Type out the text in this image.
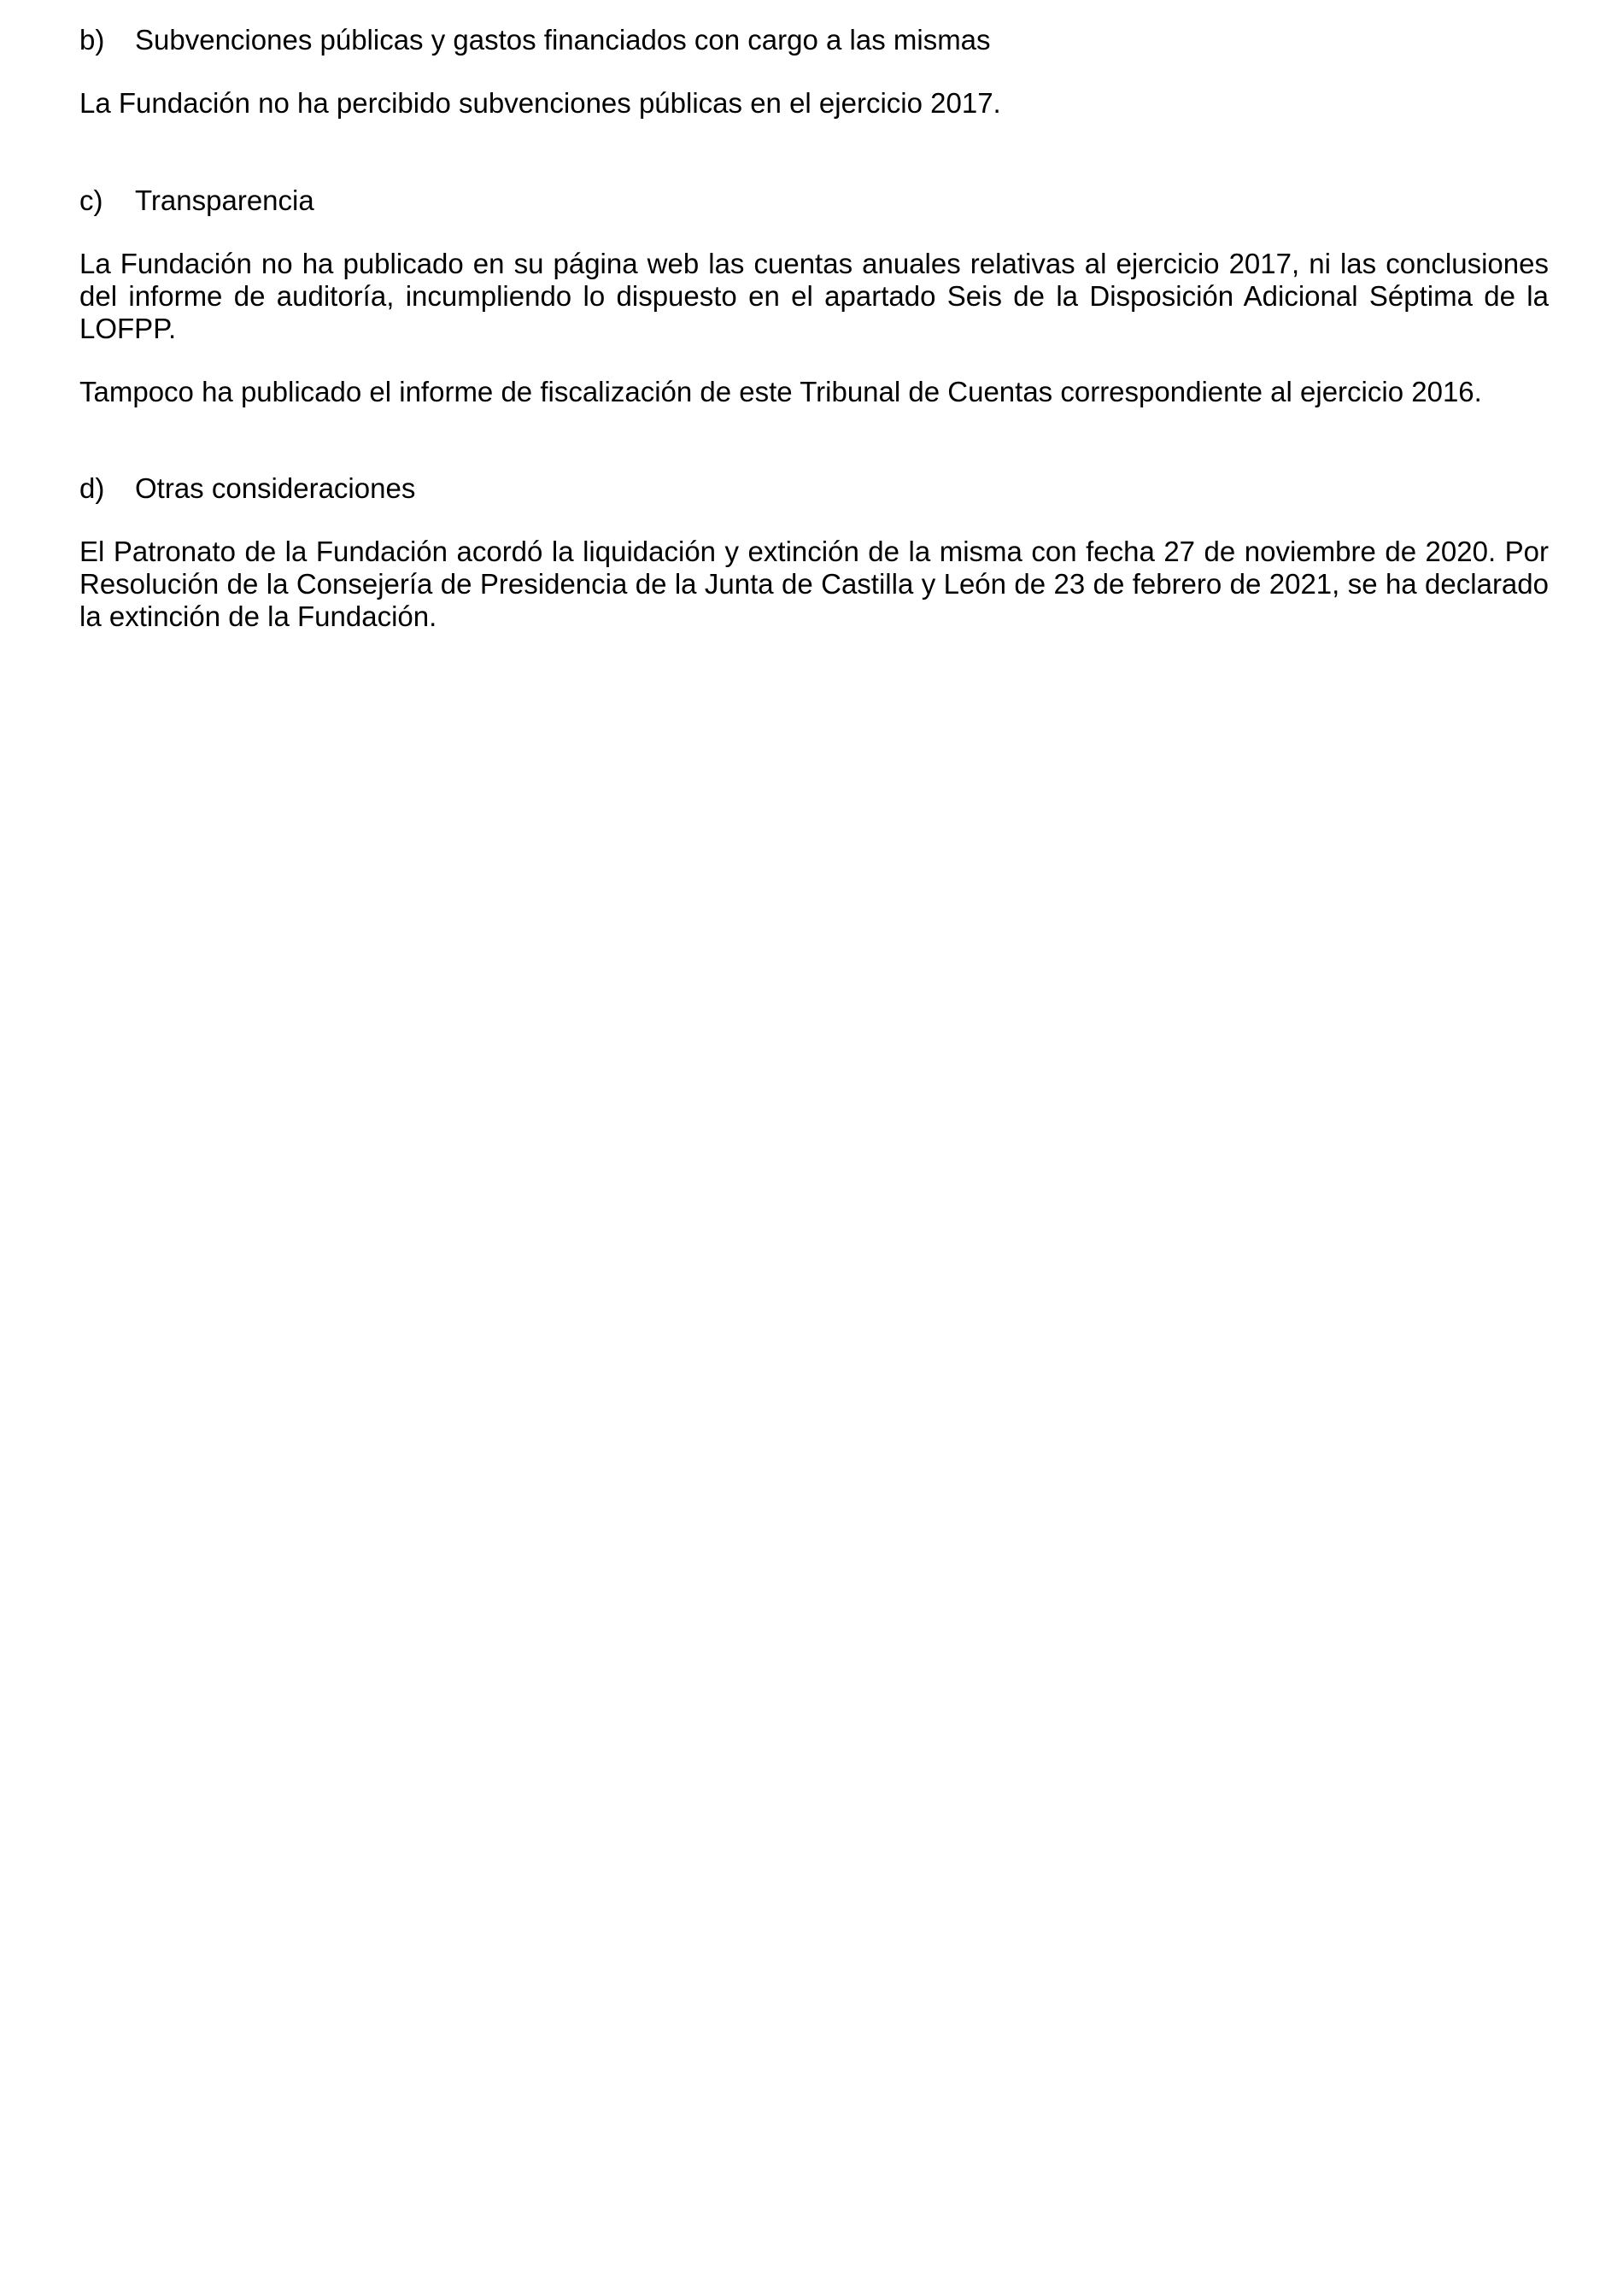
b)	Subvenciones públicas y gastos financiados con cargo a las mismas

La Fundación no ha percibido subvenciones públicas en el ejercicio 2017.

c)	Transparencia

La Fundación no ha publicado en su página web las cuentas anuales relativas al ejercicio 2017, ni las conclusiones del informe de auditoría, incumpliendo lo dispuesto en el apartado Seis de la Disposición Adicional Séptima de la LOFPP.

Tampoco ha publicado el informe de fiscalización de este Tribunal de Cuentas correspondiente al ejercicio 2016.

d)	Otras consideraciones

El Patronato de la Fundación acordó la liquidación y extinción de la misma con fecha 27 de noviembre de 2020. Por Resolución de la Consejería de Presidencia de la Junta de Castilla y León de 23 de febrero de 2021, se ha declarado la extinción de la Fundación.
